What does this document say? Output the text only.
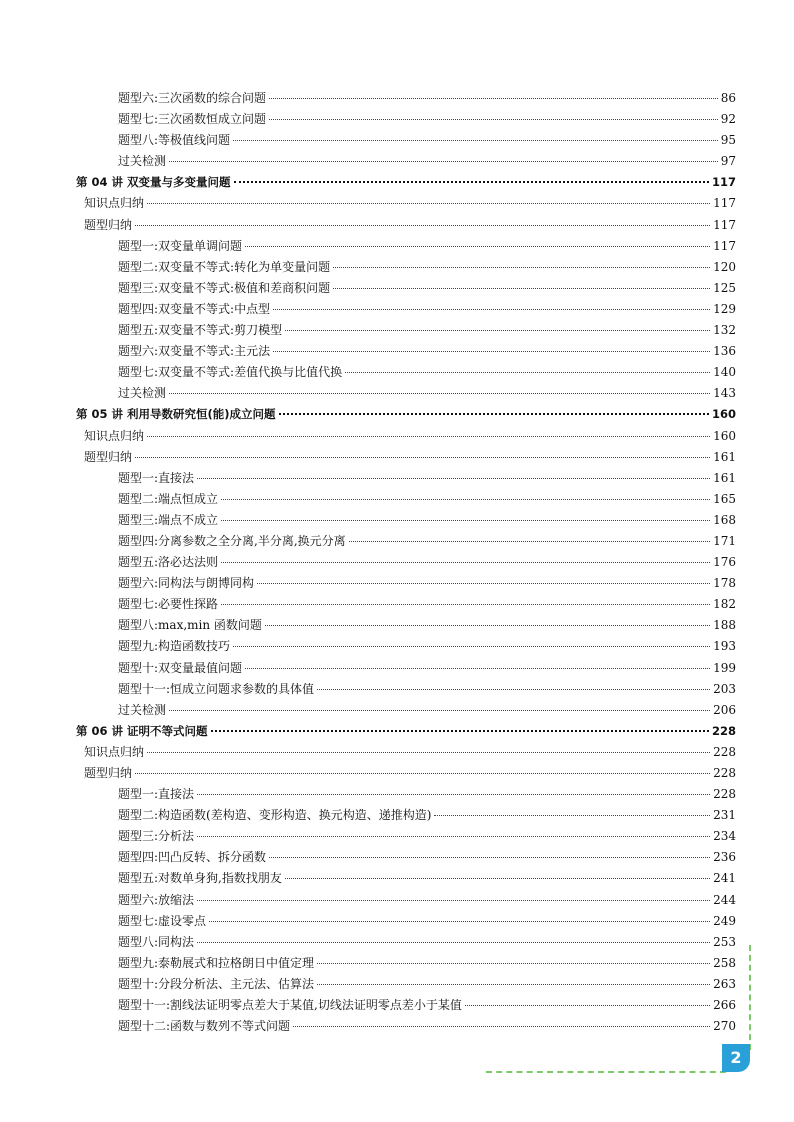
题型六:三次函数的综合问题	86
题型七:三次函数恒成立问题	92
题型八:等极值线问题	95
过关检测	97
第 04 讲 双变量与多变量问题	117
知识点归纳	117
题型归纳	117
题型一:双变量单调问题	117
题型二:双变量不等式:转化为单变量问题	120
题型三:双变量不等式:极值和差商积问题	125
题型四:双变量不等式:中点型	129
题型五:双变量不等式:剪刀模型	132
题型六:双变量不等式:主元法	136
题型七:双变量不等式:差值代换与比值代换	140
过关检测	143
第 05 讲 利用导数研究恒(能)成立问题	160
知识点归纳	160
题型归纳	161
题型一:直接法	161
题型二:端点恒成立	165
题型三:端点不成立	168
题型四:分离参数之全分离,半分离,换元分离	171
题型五:洛必达法则	176
题型六:同构法与朗博同构	178
题型七:必要性探路	182
题型八:max,min 函数问题	188
题型九:构造函数技巧	193
题型十:双变量最值问题	199
题型十一:恒成立问题求参数的具体值	203
过关检测	206
第 06 讲 证明不等式问题	228
知识点归纳	228
题型归纳	228
题型一:直接法	228
题型二:构造函数(差构造、变形构造、换元构造、递推构造)	231
题型三:分析法	234
题型四:凹凸反转、拆分函数	236
题型五:对数单身狗,指数找朋友	241
题型六:放缩法	244
题型七:虚设零点	249
题型八:同构法	253
题型九:泰勒展式和拉格朗日中值定理	258
题型十:分段分析法、主元法、估算法	263
题型十一:割线法证明零点差大于某值,切线法证明零点差小于某值	266
题型十二:函数与数列不等式问题	270
2
